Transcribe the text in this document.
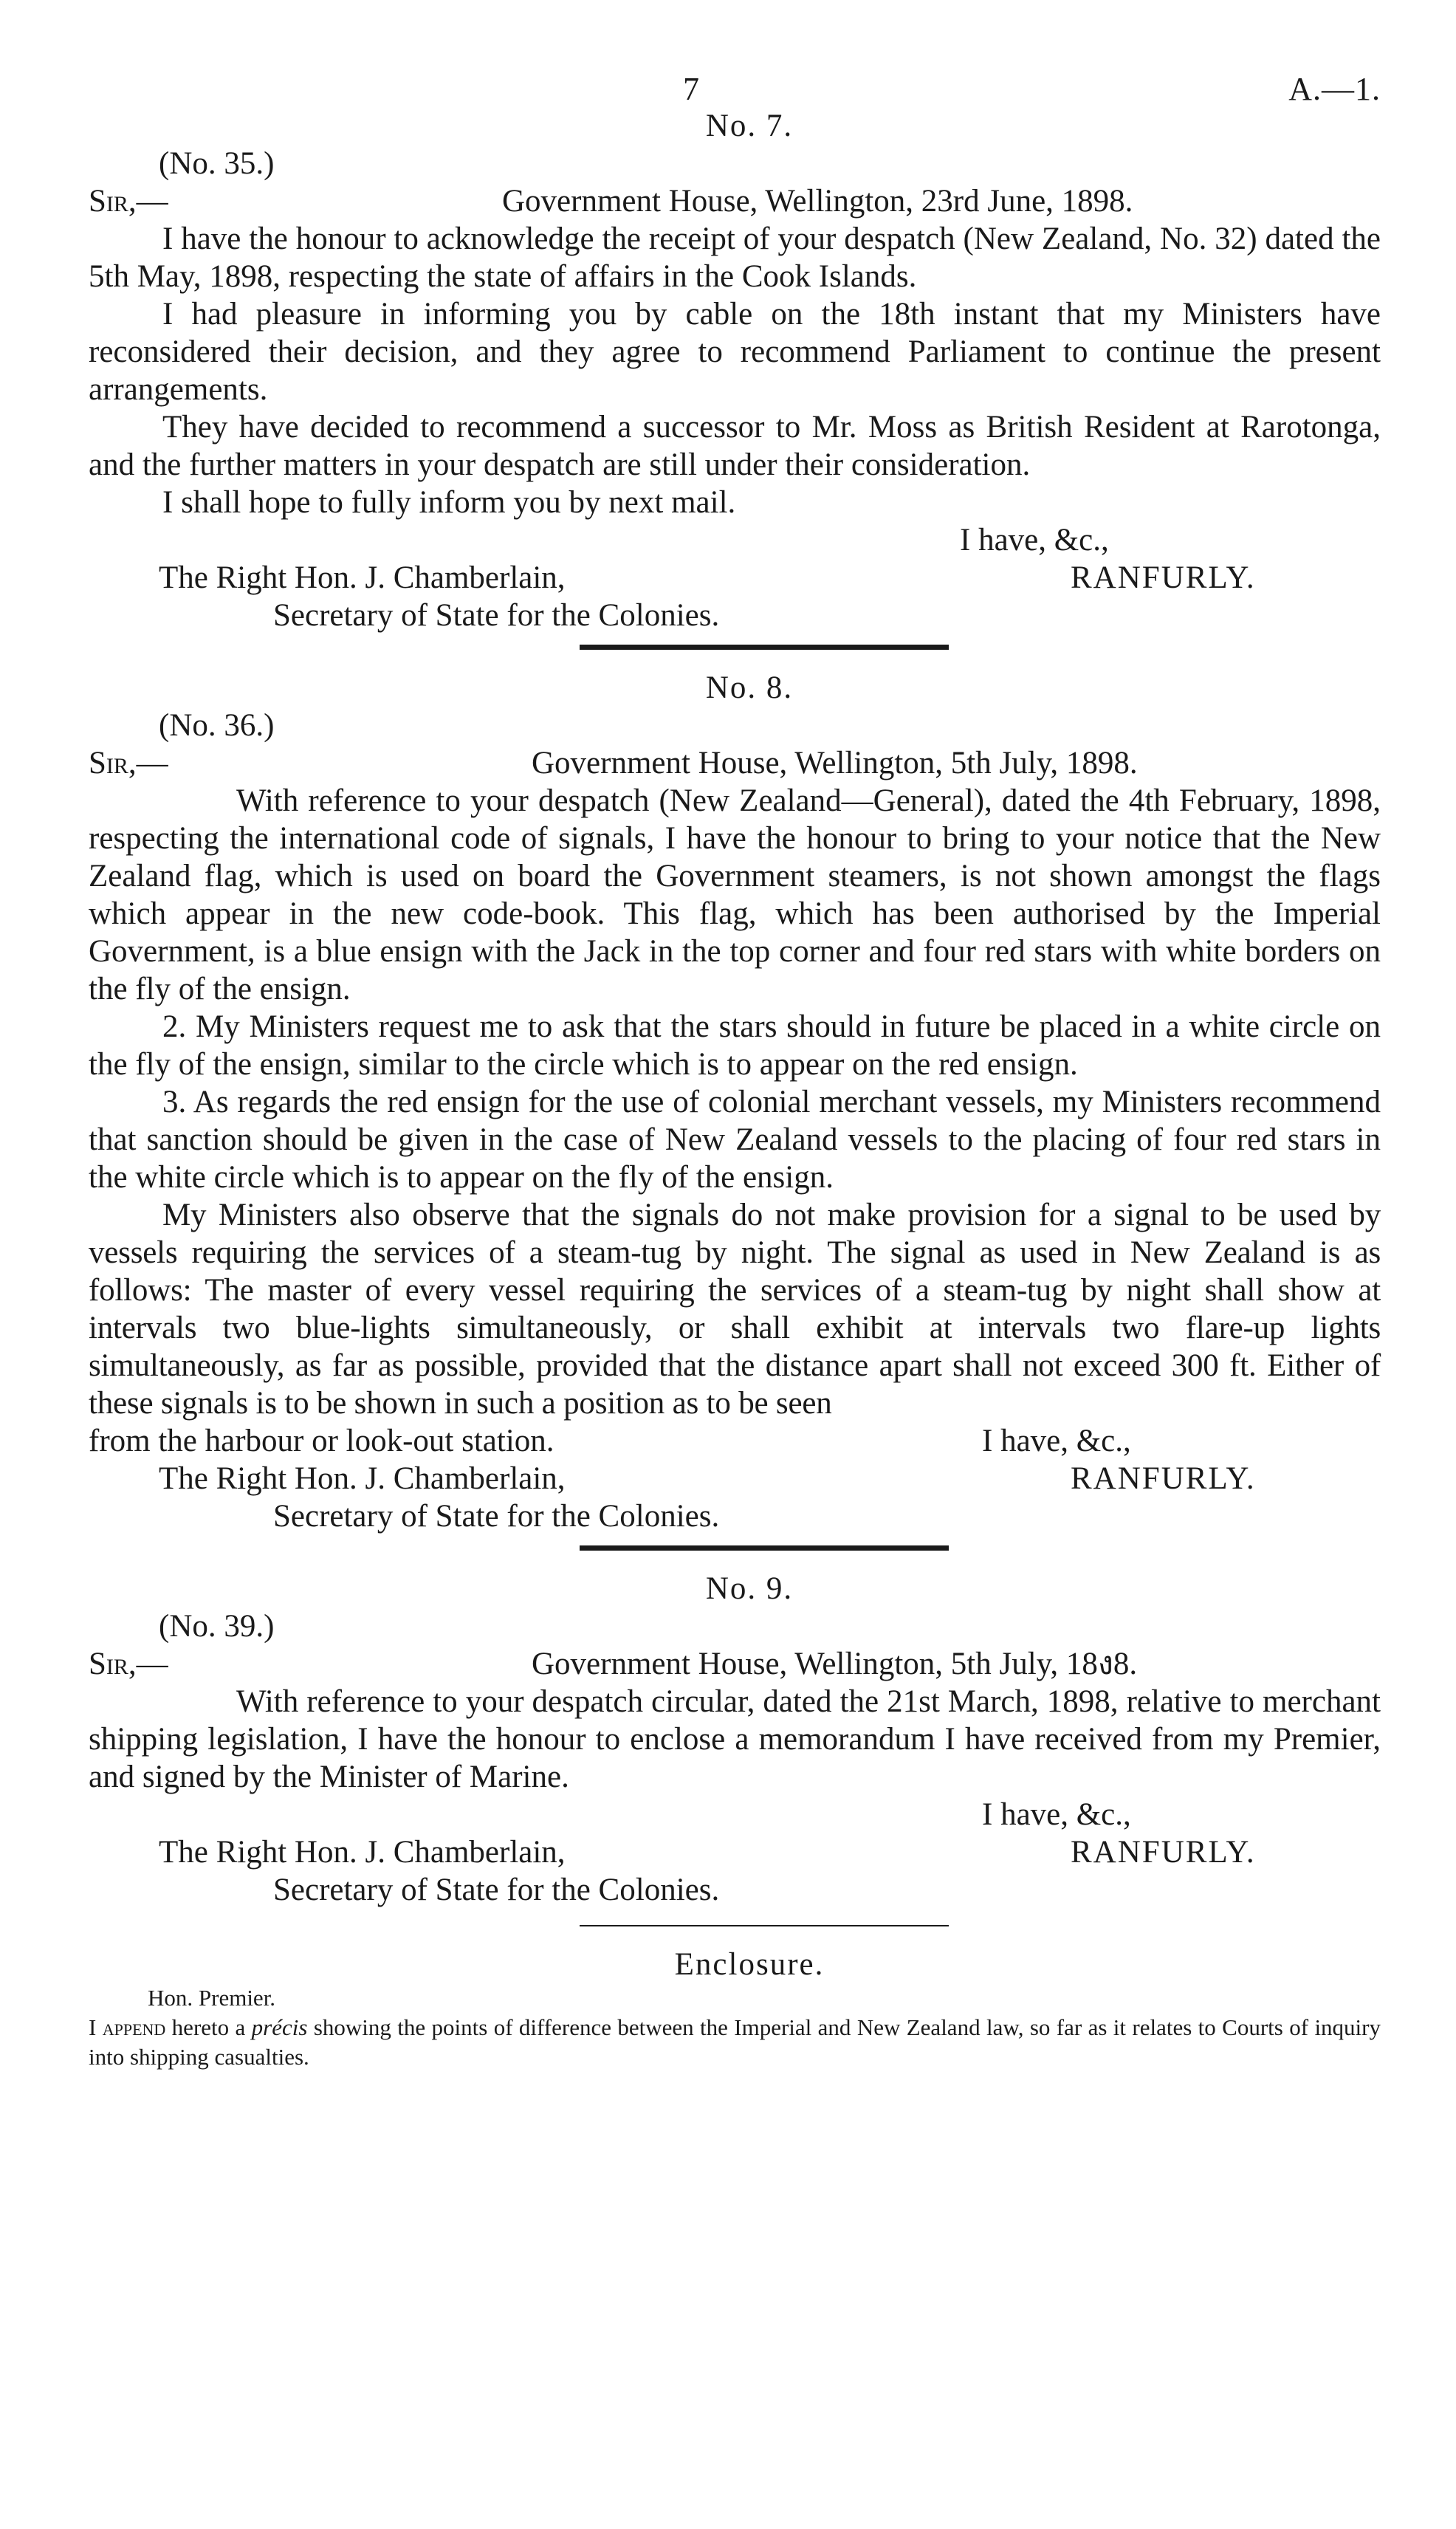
7	A.—1.
No. 7.
(No. 35.)
Sir,—	Government House, Wellington, 23rd June, 1898.

I have the honour to acknowledge the receipt of your despatch (New Zealand, No. 32) dated the 5th May, 1898, respecting the state of affairs in the Cook Islands.

I had pleasure in informing you by cable on the 18th instant that my Ministers have reconsidered their decision, and they agree to recommend Parliament to continue the present arrangements.

They have decided to recommend a successor to Mr. Moss as British Resident at Rarotonga, and the further matters in your despatch are still under their consideration.

I shall hope to fully inform you by next mail.

I have, &c.,
The Right Hon. J. Chamberlain,	RANFURLY.
Secretary of State for the Colonies.
No. 8.
(No. 36.)
Sir,—	Government House, Wellington, 5th July, 1898.

With reference to your despatch (New Zealand—General), dated the 4th February, 1898, respecting the international code of signals, I have the honour to bring to your notice that the New Zealand flag, which is used on board the Government steamers, is not shown amongst the flags which appear in the new code-book. This flag, which has been authorised by the Imperial Government, is a blue ensign with the Jack in the top corner and four red stars with white borders on the fly of the ensign.

2. My Ministers request me to ask that the stars should in future be placed in a white circle on the fly of the ensign, similar to the circle which is to appear on the red ensign.

3. As regards the red ensign for the use of colonial merchant vessels, my Ministers recommend that sanction should be given in the case of New Zealand vessels to the placing of four red stars in the white circle which is to appear on the fly of the ensign.

My Ministers also observe that the signals do not make provision for a signal to be used by vessels requiring the services of a steam-tug by night. The signal as used in New Zealand is as follows: The master of every vessel requiring the services of a steam-tug by night shall show at intervals two blue-lights simultaneously, or shall exhibit at intervals two flare-up lights simultaneously, as far as possible, provided that the distance apart shall not exceed 300 ft. Either of these signals is to be shown in such a position as to be seen

from the harbour or look-out station.	I have, &c.,
The Right Hon. J. Chamberlain,	RANFURLY.
Secretary of State for the Colonies.
No. 9.
(No. 39.)
Sir,—	Government House, Wellington, 5th July, 18ง8.

With reference to your despatch circular, dated the 21st March, 1898, relative to merchant shipping legislation, I have the honour to enclose a memorandum I have received from my Premier, and signed by the Minister of Marine.

I have, &c.,
The Right Hon. J. Chamberlain,	RANFURLY.
Secretary of State for the Colonies.
Enclosure.
Hon. Premier.

I append hereto a précis showing the points of difference between the Imperial and New Zealand law, so far as it relates to Courts of inquiry into shipping casualties.
